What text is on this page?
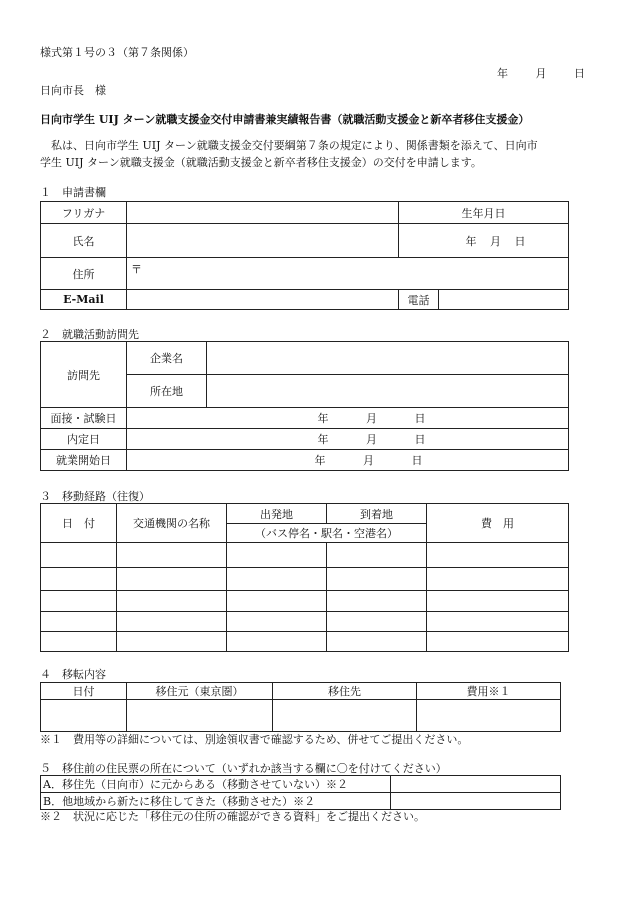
様式第１号の３（第７条関係）
年	月	日
日向市長　様
日向市学生 UIJ ターン就職支援金交付申請書兼実績報告書（就職活動支援金と新卒者移住支援金）
私は、日向市学生 UIJ ターン就職支援金交付要綱第７条の規定により、関係書類を添えて、日向市
学生 UIJ ターン就職支援金（就職活動支援金と新卒者移住支援金）の交付を申請します。
１　申請書欄
フリガナ		生年月日	
氏名		年 月 日	
住所	〒		
E-Mail		電話	
２　就職活動訪問先
訪問先	企業名	
	所在地	
面接・試験日	年 月 日	
内定日	年 月 日	
就業開始日	年 月 日	
３　移動経路（往復）
日　付	交通機関の名称	出発地	到着地	費　用
		（バス停名・駅名・空港名）		

４　移転内容
日付	移住元（東京圏）	移住先	費用※１

※１　費用等の詳細については、別途領収書で確認するため、併せてご提出ください。
５　移住前の住民票の所在について（いずれか該当する欄に〇を付けてください）
A．移住先（日向市）に元からある（移動させていない）※２	
B．他地域から新たに移住してきた（移動させた）※２	
※２　状況に応じた「移住元の住所の確認ができる資料」をご提出ください。
